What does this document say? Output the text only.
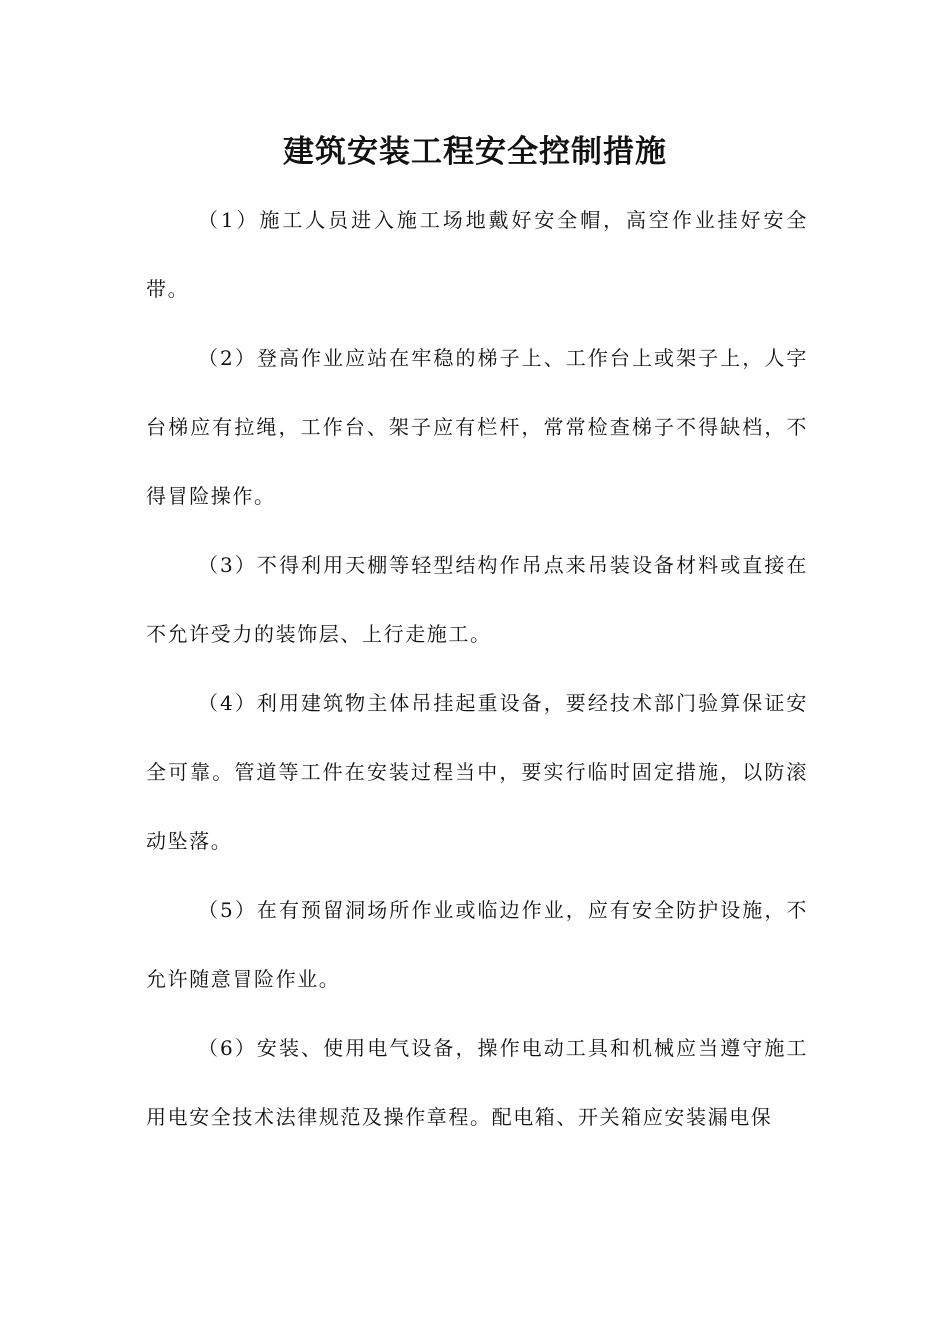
建筑安装工程安全控制措施

（1）施工人员进入施工场地戴好安全帽，高空作业挂好安全带。

（2）登高作业应站在牢稳的梯子上、工作台上或架子上，人字台梯应有拉绳，工作台、架子应有栏杆，常常检查梯子不得缺档，不得冒险操作。

（3）不得利用天棚等轻型结构作吊点来吊装设备材料或直接在不允许受力的装饰层、上行走施工。

（4）利用建筑物主体吊挂起重设备，要经技术部门验算保证安全可靠。管道等工件在安装过程当中，要实行临时固定措施，以防滚动坠落。

（5）在有预留洞场所作业或临边作业，应有安全防护设施，不允许随意冒险作业。

（6）安装、使用电气设备，操作电动工具和机械应当遵守施工用电安全技术法律规范及操作章程。配电箱、开关箱应安装漏电保
